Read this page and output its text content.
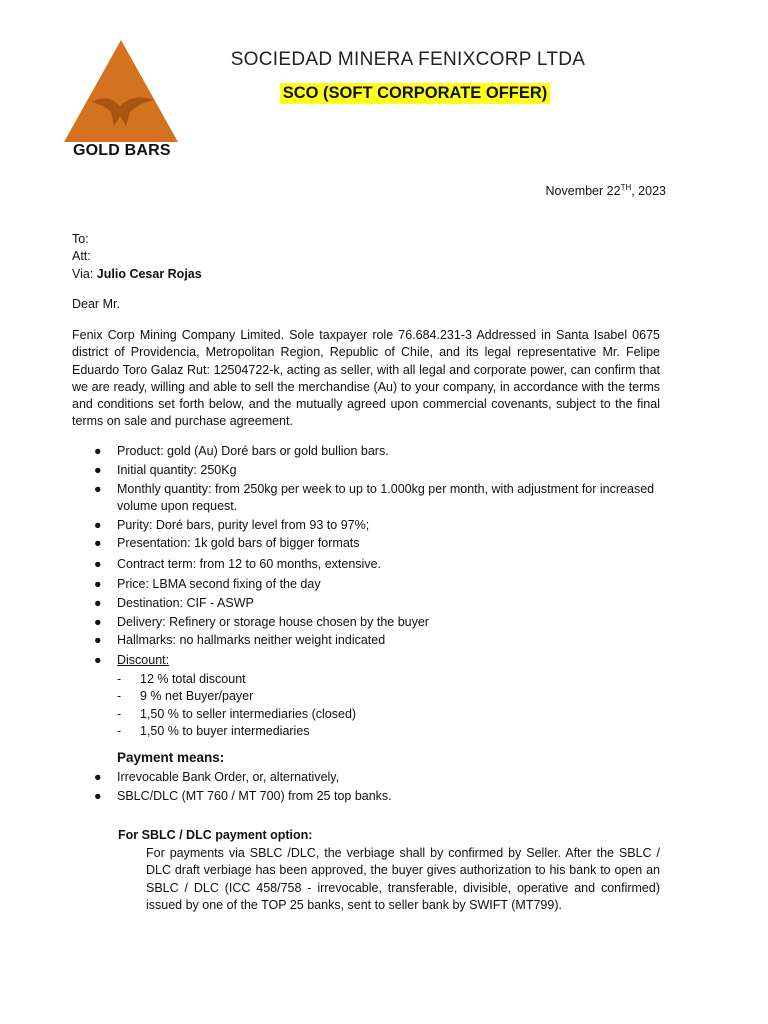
GOLD BARS
SOCIEDAD MINERA FENIXCORP LTDA
SCO (SOFT CORPORATE OFFER)
November 22TH, 2023
To:
Att:
Via: Julio Cesar Rojas
Dear Mr.
Fenix Corp Mining Company Limited. Sole taxpayer role 76.684.231-3 Addressed in Santa Isabel 0675 district of Providencia, Metropolitan Region, Republic of Chile, and its legal representative Mr. Felipe Eduardo Toro Galaz Rut: 12504722-k, acting as seller, with all legal and corporate power, can confirm that we are ready, willing and able to sell the merchandise (Au) to your company, in accordance with the terms and conditions set forth below, and the mutually agreed upon commercial covenants, subject to the final terms on sale and purchase agreement.
● Product: gold (Au) Doré bars or gold bullion bars.
● Initial quantity: 250Kg
● Monthly quantity: from 250kg per week to up to 1.000kg per month, with adjustment for increased volume upon request.
● Purity: Doré bars, purity level from 93 to 97%;
● Presentation: 1k gold bars of bigger formats
● Contract term: from 12 to 60 months, extensive.
● Price: LBMA second fixing of the day
● Destination: CIF - ASWP
● Delivery: Refinery or storage house chosen by the buyer
● Hallmarks: no hallmarks neither weight indicated
● Discount:
- 12 % total discount
- 9 % net Buyer/payer
- 1,50 % to seller intermediaries (closed)
- 1,50 % to buyer intermediaries
Payment means:
● Irrevocable Bank Order, or, alternatively,
● SBLC/DLC (MT 760 / MT 700) from 25 top banks.
For SBLC / DLC payment option:
For payments via SBLC /DLC, the verbiage shall by confirmed by Seller. After the SBLC / DLC draft verbiage has been approved, the buyer gives authorization to his bank to open an SBLC / DLC (ICC 458/758 - irrevocable, transferable, divisible, operative and confirmed) issued by one of the TOP 25 banks, sent to seller bank by SWIFT (MT799).
